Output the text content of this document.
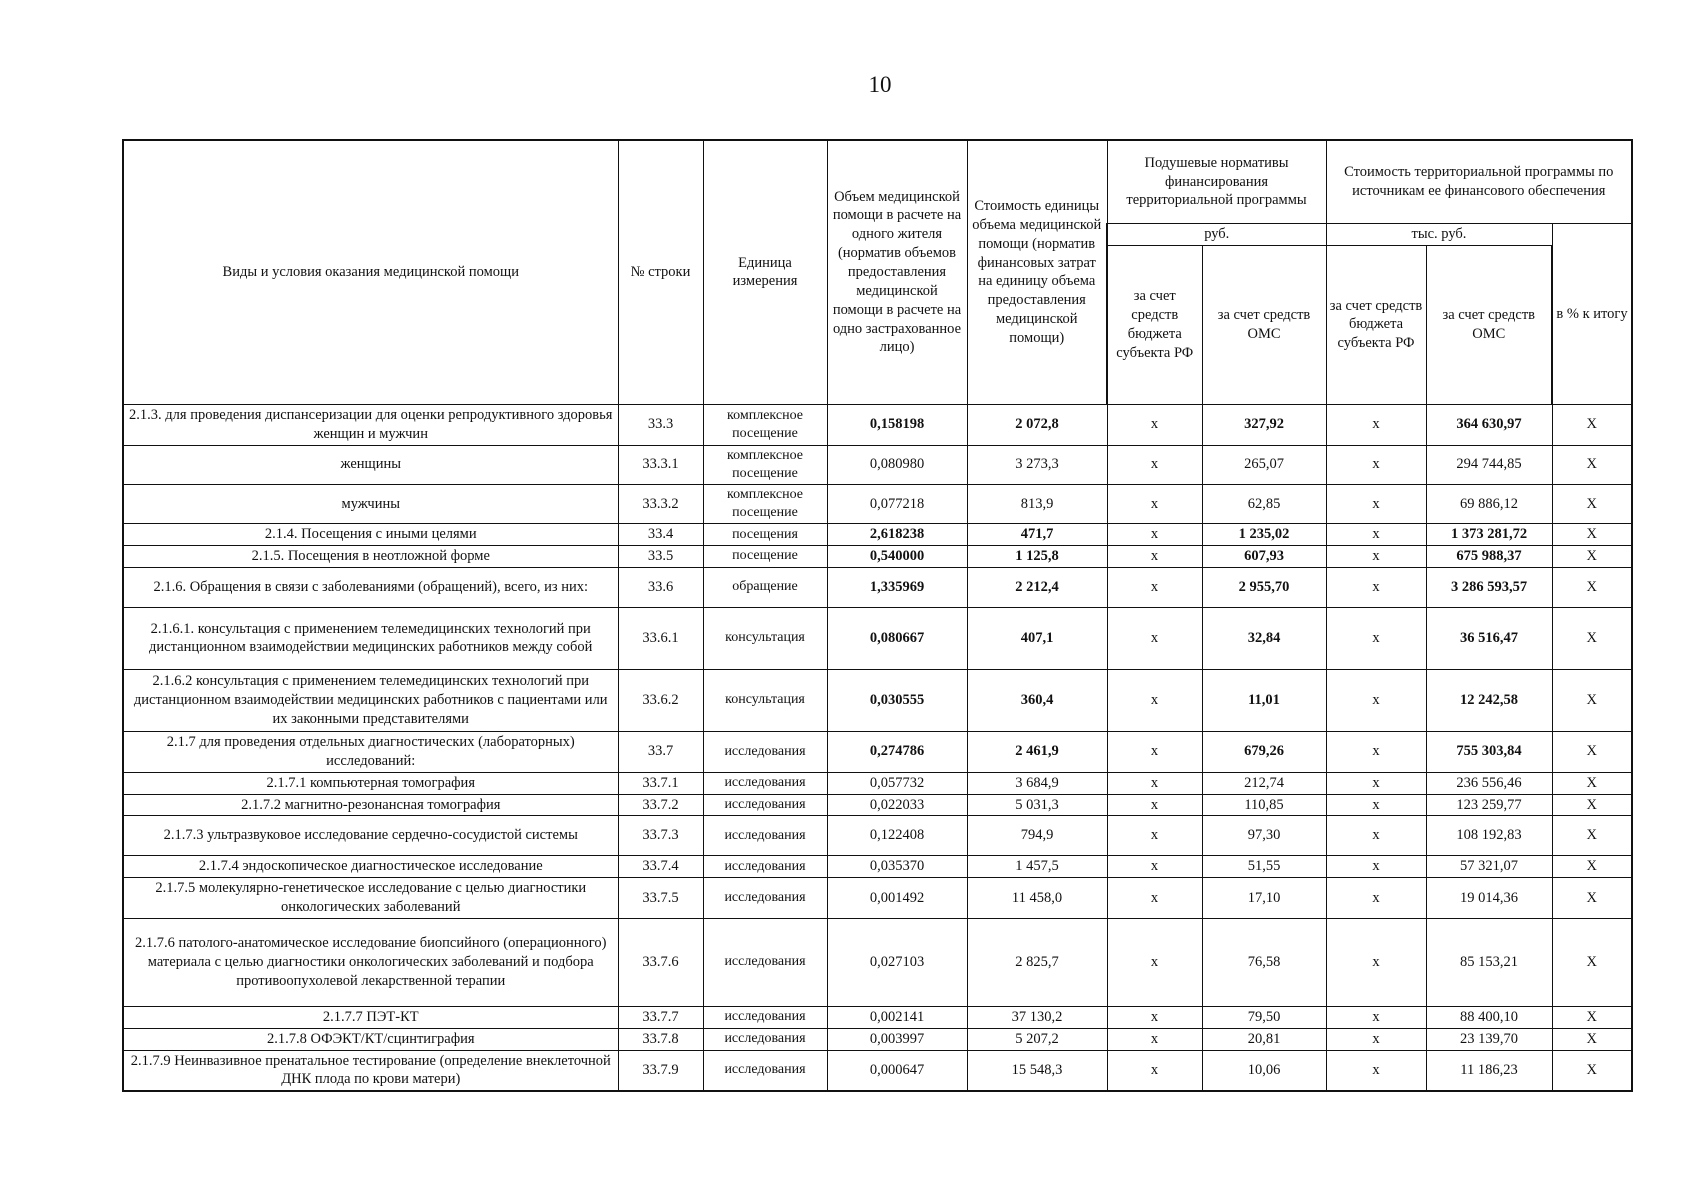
10
Виды и условия оказания медицинской помощи	№ строки	Единица измерения	Объем медицинской помощи в расчете на одного жителя (норматив объемов предоставления медицинской помощи в расчете на одно застрахованное лицо)	Стоимость единицы объема медицинской помощи (норматив финансовых затрат на единицу объема предоставления медицинской помощи)	Подушевые нормативы финансирования территориальной программы		Стоимость территориальной программы по источникам ее финансового обеспечения		
					руб.		тыс. руб.		в % к итогу
					за счет средств бюджета субъекта РФ	за счет средств ОМС	за счет средств бюджета субъекта РФ	за счет средств ОМС	
2.1.3. для проведения диспансеризации для оценки репродуктивного здоровья женщин и мужчин	33.3	комплексное посещение	0,158198	2 072,8	x	327,92	x	364 630,97	X
женщины	33.3.1	комплексное посещение	0,080980	3 273,3	x	265,07	x	294 744,85	X
мужчины	33.3.2	комплексное посещение	0,077218	813,9	x	62,85	x	69 886,12	X
2.1.4. Посещения с иными целями	33.4	посещения	2,618238	471,7	x	1 235,02	x	1 373 281,72	X
2.1.5. Посещения в неотложной форме	33.5	посещение	0,540000	1 125,8	x	607,93	x	675 988,37	X
2.1.6. Обращения в связи с заболеваниями (обращений), всего, из них:	33.6	обращение	1,335969	2 212,4	x	2 955,70	x	3 286 593,57	X
2.1.6.1. консультация с применением телемедицинских технологий при дистанционном взаимодействии медицинских работников между собой	33.6.1	консультация	0,080667	407,1	x	32,84	x	36 516,47	X
2.1.6.2 консультация с применением телемедицинских технологий при дистанционном взаимодействии медицинских работников с пациентами или их законными представителями	33.6.2	консультация	0,030555	360,4	x	11,01	x	12 242,58	X
2.1.7 для проведения отдельных диагностических (лабораторных) исследований:	33.7	исследования	0,274786	2 461,9	x	679,26	x	755 303,84	X
2.1.7.1 компьютерная томография	33.7.1	исследования	0,057732	3 684,9	x	212,74	x	236 556,46	X
2.1.7.2 магнитно-резонансная томография	33.7.2	исследования	0,022033	5 031,3	x	110,85	x	123 259,77	X
2.1.7.3 ультразвуковое исследование сердечно-сосудистой системы	33.7.3	исследования	0,122408	794,9	x	97,30	x	108 192,83	X
2.1.7.4 эндоскопическое диагностическое исследование	33.7.4	исследования	0,035370	1 457,5	x	51,55	x	57 321,07	X
2.1.7.5 молекулярно-генетическое исследование с целью диагностики онкологических заболеваний	33.7.5	исследования	0,001492	11 458,0	x	17,10	x	19 014,36	X
2.1.7.6 патолого-анатомическое исследование биопсийного (операционного) материала с целью диагностики онкологических заболеваний и подбора противоопухолевой лекарственной терапии	33.7.6	исследования	0,027103	2 825,7	x	76,58	x	85 153,21	X
2.1.7.7 ПЭТ-КТ	33.7.7	исследования	0,002141	37 130,2	x	79,50	x	88 400,10	X
2.1.7.8 ОФЭКТ/КТ/сцинтиграфия	33.7.8	исследования	0,003997	5 207,2	x	20,81	x	23 139,70	X
2.1.7.9 Неинвазивное пренатальное тестирование (определение внеклеточной ДНК плода по крови матери)	33.7.9	исследования	0,000647	15 548,3	x	10,06	x	11 186,23	X
